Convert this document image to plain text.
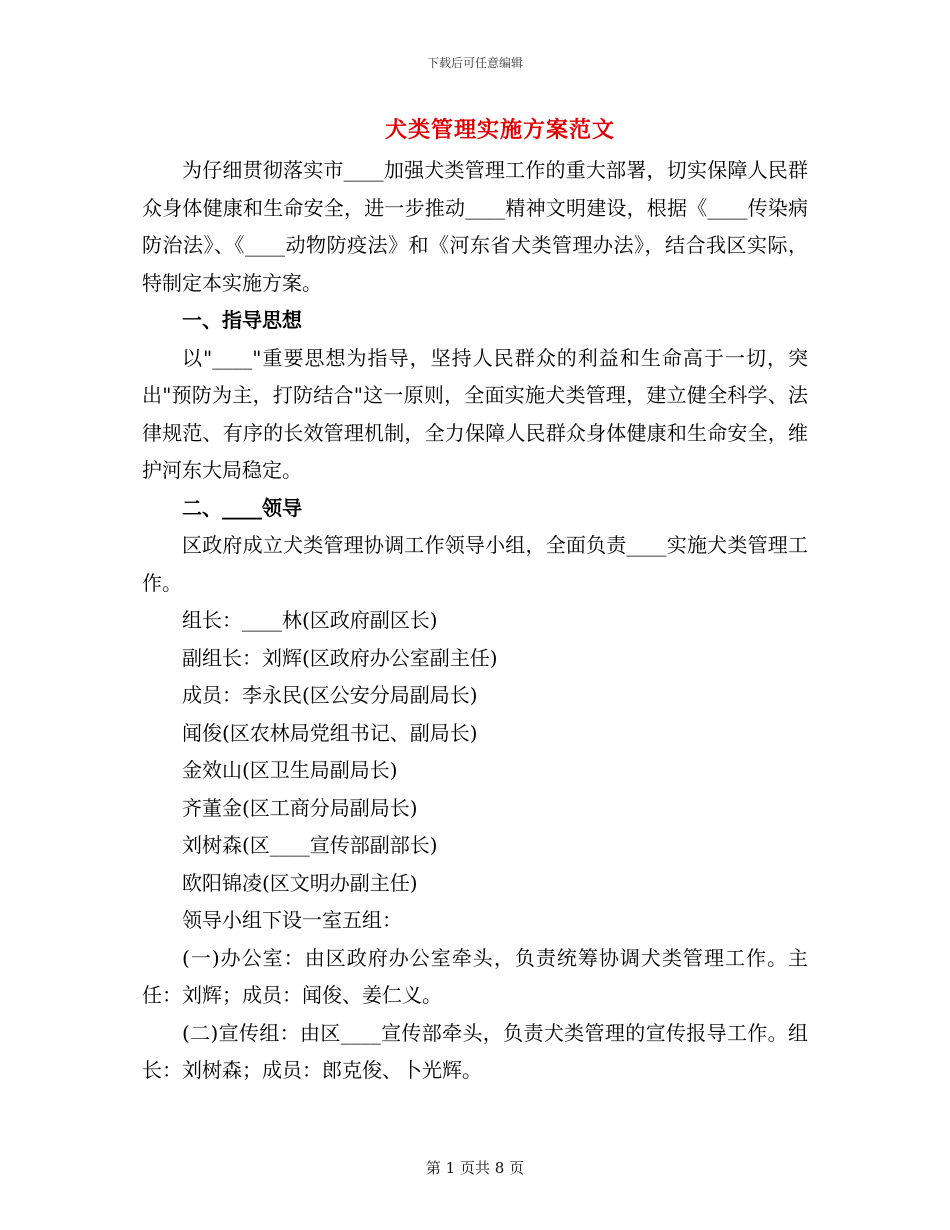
下载后可任意编辑
犬类管理实施方案范文

为仔细贯彻落实市____加强犬类管理工作的重大部署，切实保障人民群众身体健康和生命安全，进一步推动____精神文明建设，根据《____传染病防治法》、《____动物防疫法》和《河东省犬类管理办法》，结合我区实际，特制定本实施方案。

一、指导思想

以"____"重要思想为指导，坚持人民群众的利益和生命高于一切，突出"预防为主，打防结合"这一原则，全面实施犬类管理，建立健全科学、法律规范、有序的长效管理机制，全力保障人民群众身体健康和生命安全，维护河东大局稳定。

二、____领导

区政府成立犬类管理协调工作领导小组，全面负责____实施犬类管理工作。

组长：____林(区政府副区长)

副组长：刘辉(区政府办公室副主任)

成员：李永民(区公安分局副局长)

闻俊(区农林局党组书记、副局长)

金效山(区卫生局副局长)

齐董金(区工商分局副局长)

刘树森(区____宣传部副部长)

欧阳锦凌(区文明办副主任)

领导小组下设一室五组：

(一)办公室：由区政府办公室牵头，负责统筹协调犬类管理工作。主任：刘辉；成员：闻俊、姜仁义。

(二)宣传组：由区____宣传部牵头，负责犬类管理的宣传报导工作。组长：刘树森；成员：郎克俊、卜光辉。

第 1 页共 8 页
